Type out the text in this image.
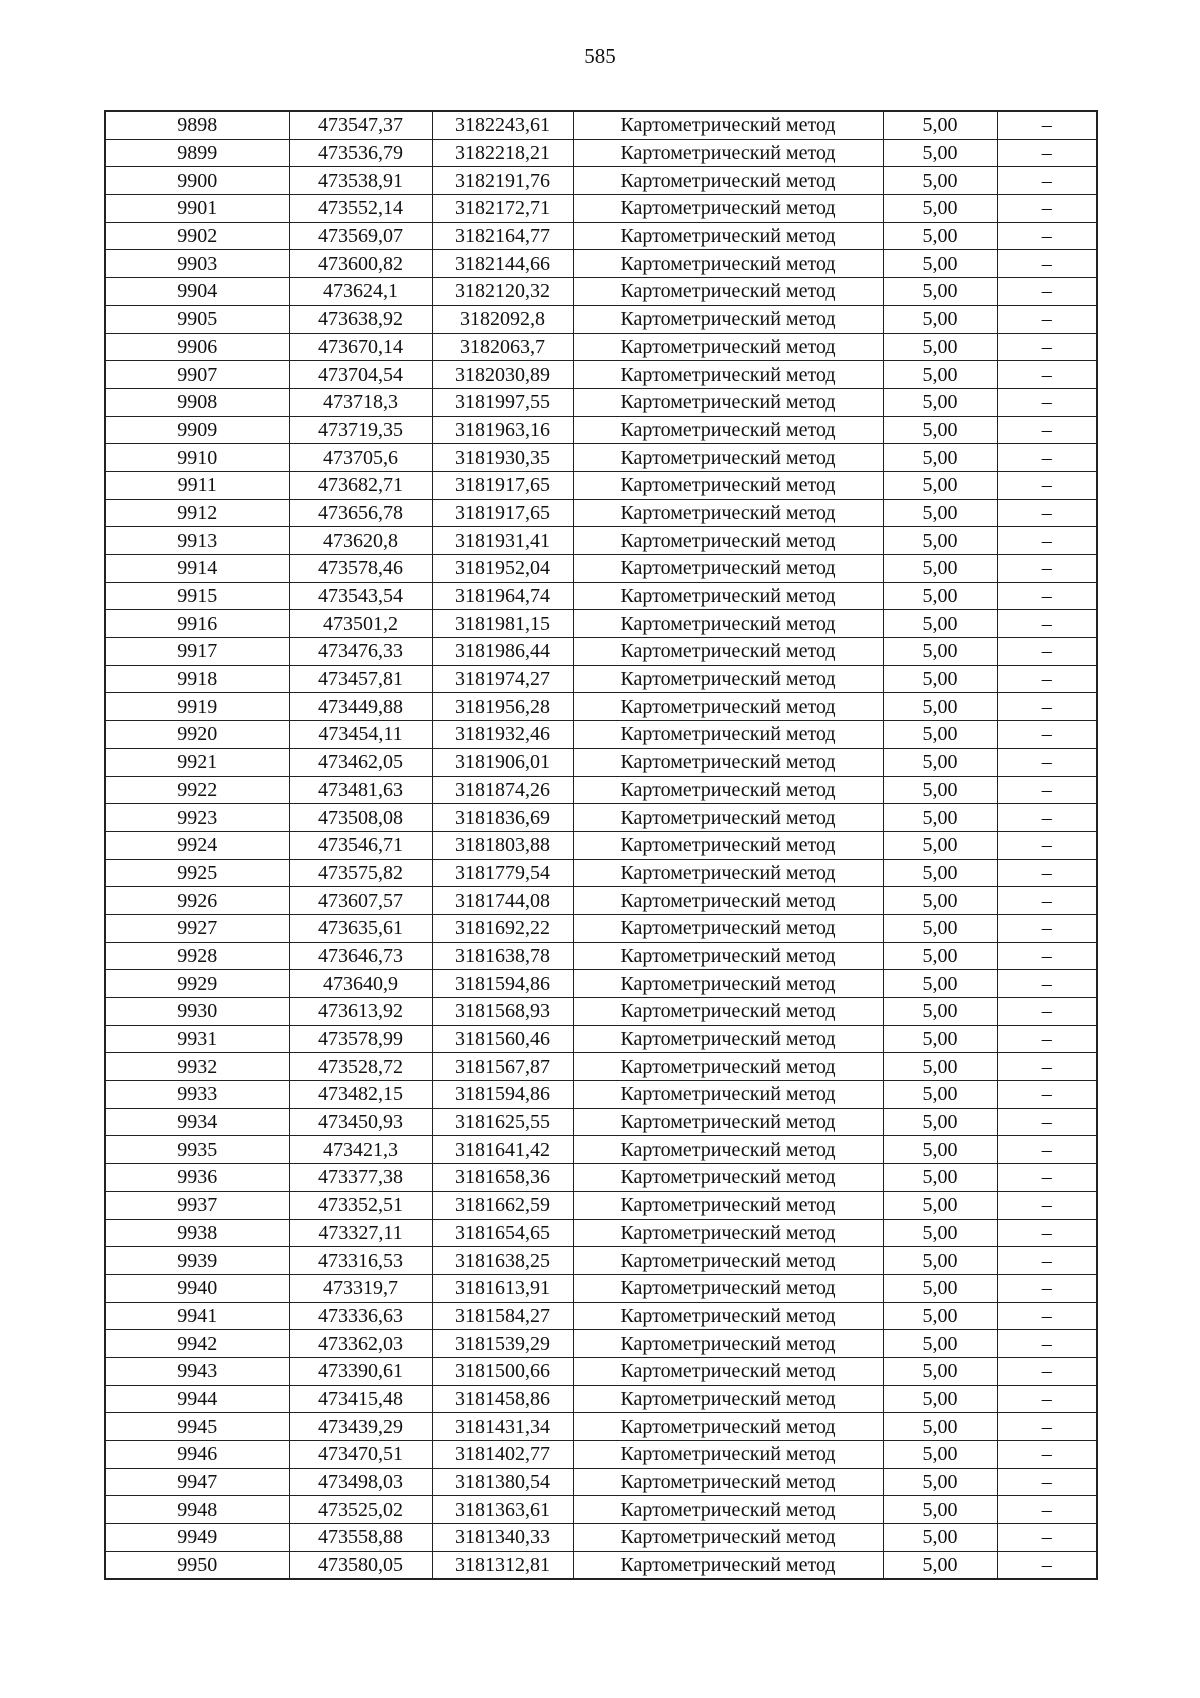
585
9898	473547,37	3182243,61	Картометрический метод	5,00	–
9899	473536,79	3182218,21	Картометрический метод	5,00	–
9900	473538,91	3182191,76	Картометрический метод	5,00	–
9901	473552,14	3182172,71	Картометрический метод	5,00	–
9902	473569,07	3182164,77	Картометрический метод	5,00	–
9903	473600,82	3182144,66	Картометрический метод	5,00	–
9904	473624,1	3182120,32	Картометрический метод	5,00	–
9905	473638,92	3182092,8	Картометрический метод	5,00	–
9906	473670,14	3182063,7	Картометрический метод	5,00	–
9907	473704,54	3182030,89	Картометрический метод	5,00	–
9908	473718,3	3181997,55	Картометрический метод	5,00	–
9909	473719,35	3181963,16	Картометрический метод	5,00	–
9910	473705,6	3181930,35	Картометрический метод	5,00	–
9911	473682,71	3181917,65	Картометрический метод	5,00	–
9912	473656,78	3181917,65	Картометрический метод	5,00	–
9913	473620,8	3181931,41	Картометрический метод	5,00	–
9914	473578,46	3181952,04	Картометрический метод	5,00	–
9915	473543,54	3181964,74	Картометрический метод	5,00	–
9916	473501,2	3181981,15	Картометрический метод	5,00	–
9917	473476,33	3181986,44	Картометрический метод	5,00	–
9918	473457,81	3181974,27	Картометрический метод	5,00	–
9919	473449,88	3181956,28	Картометрический метод	5,00	–
9920	473454,11	3181932,46	Картометрический метод	5,00	–
9921	473462,05	3181906,01	Картометрический метод	5,00	–
9922	473481,63	3181874,26	Картометрический метод	5,00	–
9923	473508,08	3181836,69	Картометрический метод	5,00	–
9924	473546,71	3181803,88	Картометрический метод	5,00	–
9925	473575,82	3181779,54	Картометрический метод	5,00	–
9926	473607,57	3181744,08	Картометрический метод	5,00	–
9927	473635,61	3181692,22	Картометрический метод	5,00	–
9928	473646,73	3181638,78	Картометрический метод	5,00	–
9929	473640,9	3181594,86	Картометрический метод	5,00	–
9930	473613,92	3181568,93	Картометрический метод	5,00	–
9931	473578,99	3181560,46	Картометрический метод	5,00	–
9932	473528,72	3181567,87	Картометрический метод	5,00	–
9933	473482,15	3181594,86	Картометрический метод	5,00	–
9934	473450,93	3181625,55	Картометрический метод	5,00	–
9935	473421,3	3181641,42	Картометрический метод	5,00	–
9936	473377,38	3181658,36	Картометрический метод	5,00	–
9937	473352,51	3181662,59	Картометрический метод	5,00	–
9938	473327,11	3181654,65	Картометрический метод	5,00	–
9939	473316,53	3181638,25	Картометрический метод	5,00	–
9940	473319,7	3181613,91	Картометрический метод	5,00	–
9941	473336,63	3181584,27	Картометрический метод	5,00	–
9942	473362,03	3181539,29	Картометрический метод	5,00	–
9943	473390,61	3181500,66	Картометрический метод	5,00	–
9944	473415,48	3181458,86	Картометрический метод	5,00	–
9945	473439,29	3181431,34	Картометрический метод	5,00	–
9946	473470,51	3181402,77	Картометрический метод	5,00	–
9947	473498,03	3181380,54	Картометрический метод	5,00	–
9948	473525,02	3181363,61	Картометрический метод	5,00	–
9949	473558,88	3181340,33	Картометрический метод	5,00	–
9950	473580,05	3181312,81	Картометрический метод	5,00	–
